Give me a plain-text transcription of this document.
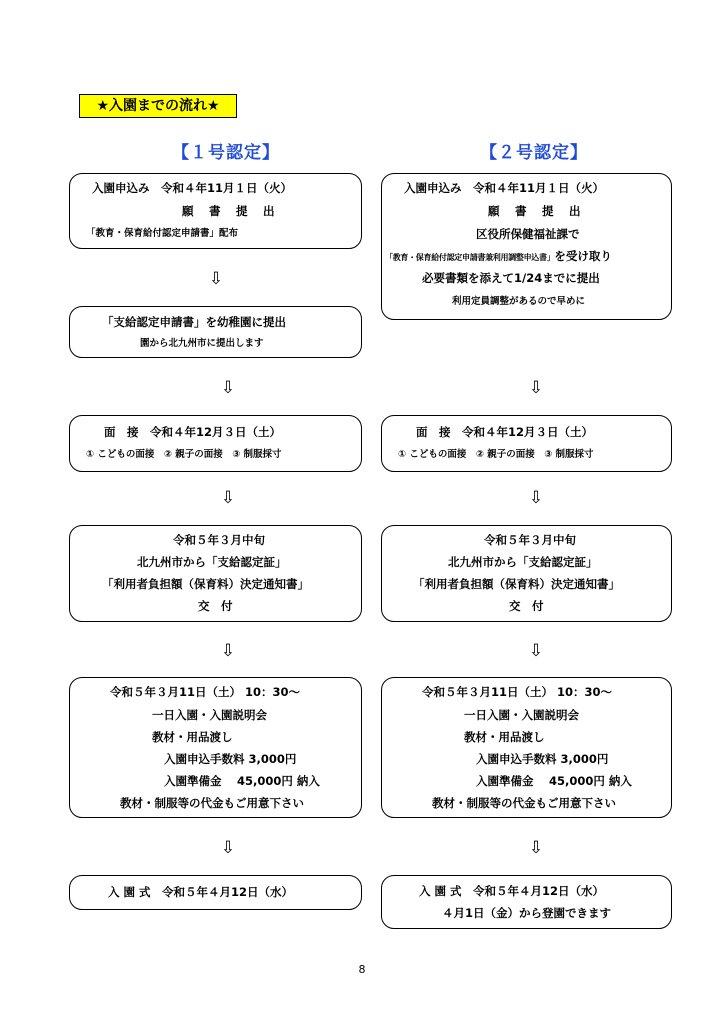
★入園までの流れ★
【１号認定】	【２号認定】
入園申込み　令和４年11月１日（火）
願　書　提　出
「教育・保育給付認定申請書」配布
⇩
「支給認定申請書」を幼稚園に提出
園から北九州市に提出します
⇩
面　接　令和４年12月３日（土）
① こどもの面接　② 親子の面接　③ 制服採寸
⇩
令和５年３月中旬
北九州市から「支給認定証」
「利用者負担額（保育料）決定通知書」
交　付
⇩
令和５年３月11日（土） 10：30～
一日入園・入園説明会
教材・用品渡し
入園申込手数料 3,000円
入園準備金　 45,000円 納入
教材・制服等の代金もご用意下さい
⇩
入 園 式　令和５年４月12日（水）
入園申込み　令和４年11月１日（火）
願　書　提　出
区役所保健福祉課で
「教育・保育給付認定申請書兼利用調整申込書」を受け取り
必要書類を添えて1/24までに提出
利用定員調整があるので早めに
⇩
面　接　令和４年12月３日（土）
① こどもの面接　② 親子の面接　③ 制服採寸
⇩
令和５年３月中旬
北九州市から「支給認定証」
「利用者負担額（保育料）決定通知書」
交　付
⇩
令和５年３月11日（土） 10：30～
一日入園・入園説明会
教材・用品渡し
入園申込手数料 3,000円
入園準備金　 45,000円 納入
教材・制服等の代金もご用意下さい
⇩
入 園 式　令和５年４月12日（水）
４月1日（金）から登園できます
8
